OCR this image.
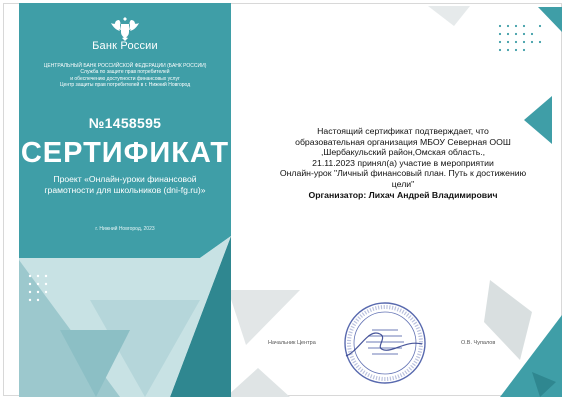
Банк России
ЦЕНТРАЛЬНЫЙ БАНК РОССИЙСКОЙ ФЕДЕРАЦИИ (БАНК РОССИИ)
Служба по защите прав потребителей
и обеспечению доступности финансовых услуг
Центр защиты прав потребителей в г. Нижний Новгород
№1458595
СЕРТИФИКАТ
Проект «Онлайн-уроки финансовой
грамотности для школьников (dni-fg.ru)»
г. Нижний Новгород, 2023
Настоящий сертификат подтверждает, что
образовательная организация МБОУ Северная ООШ
,Шербакульский район,Омская область.,
21.11.2023 принял(а) участие в мероприятии
Онлайн-урок "Личный финансовый план. Путь к достижению
цели"
Организатор: Лихач Андрей Владимирович
Начальник Центра	О.В. Чупалов
